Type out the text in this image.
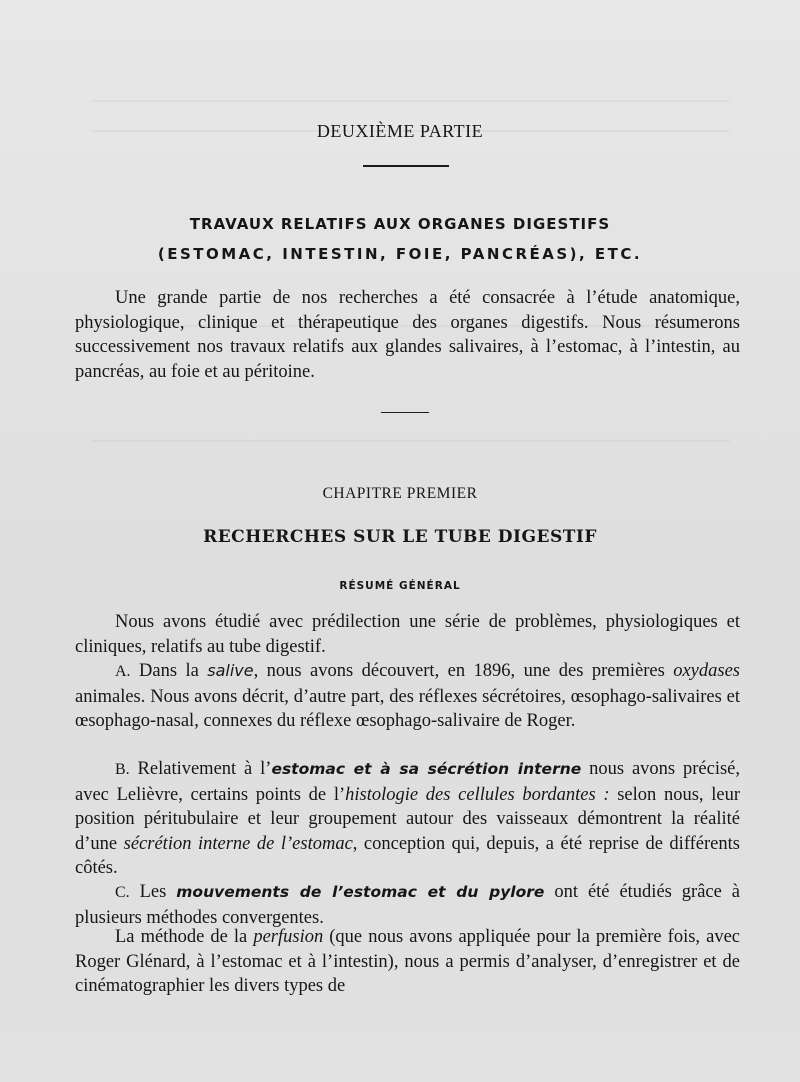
DEUXIÈME PARTIE
TRAVAUX RELATIFS AUX ORGANES DIGESTIFS
(ESTOMAC, INTESTIN, FOIE, PANCRÉAS), ETC.

Une grande partie de nos recherches a été consacrée à l’étude anatomique, physiologique, clinique et thérapeutique des organes digestifs. Nous résumerons successivement nos travaux relatifs aux glandes salivaires, à l’estomac, à l’intestin, au pancréas, au foie et au péritoine.

CHAPITRE PREMIER
RECHERCHES SUR LE TUBE DIGESTIF
RÉSUMÉ GÉNÉRAL

Nous avons étudié avec prédilection une série de problèmes, physiologiques et cliniques, relatifs au tube digestif.

A. Dans la salive, nous avons découvert, en 1896, une des premières oxydases animales. Nous avons décrit, d’autre part, des réflexes sécrétoires, œsophago-salivaires et œsophago-nasal, connexes du réflexe œsophago-salivaire de Roger.

B. Relativement à l’estomac et à sa sécrétion interne nous avons précisé, avec Lelièvre, certains points de l’histologie des cellules bordantes : selon nous, leur position péritubulaire et leur groupement autour des vaisseaux démontrent la réalité d’une sécrétion interne de l’estomac, conception qui, depuis, a été reprise de différents côtés.

C. Les mouvements de l’estomac et du pylore ont été étudiés grâce à plusieurs méthodes convergentes.

La méthode de la perfusion (que nous avons appliquée pour la première fois, avec Roger Glénard, à l’estomac et à l’intestin), nous a permis d’analyser, d’enregistrer et de cinématographier les divers types de
